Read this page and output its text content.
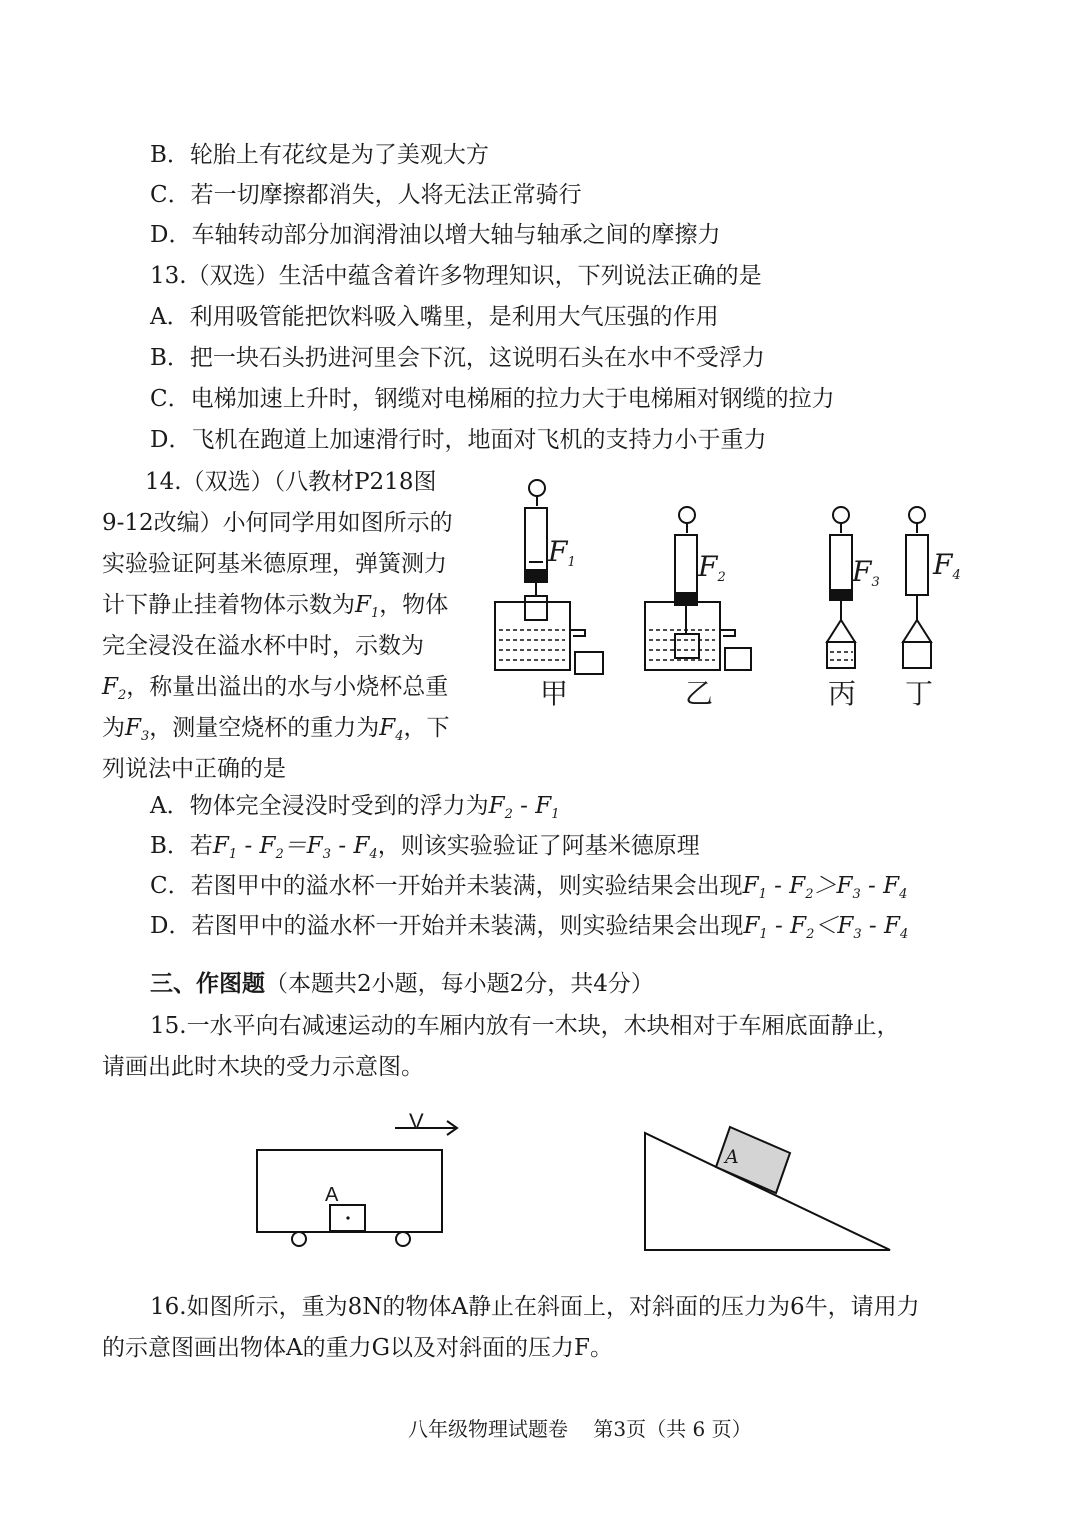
B．轮胎上有花纹是为了美观大方
C．若一切摩擦都消失，人将无法正常骑行
D．车轴转动部分加润滑油以增大轴与轴承之间的摩擦力
13.（双选）生活中蕴含着许多物理知识，下列说法正确的是
A．利用吸管能把饮料吸入嘴里，是利用大气压强的作用
B．把一块石头扔进河里会下沉，这说明石头在水中不受浮力
C．电梯加速上升时，钢缆对电梯厢的拉力大于电梯厢对钢缆的拉力
D．飞机在跑道上加速滑行时，地面对飞机的支持力小于重力
14.（双选）（八教材P218图
9-12改编）小何同学用如图所示的
实验验证阿基米德原理，弹簧测力
计下静止挂着物体示数为$F_1$，物体
完全浸没在溢水杯中时，示数为
$F_2$，称量出溢出的水与小烧杯总重
为$F_3$，测量空烧杯的重力为$F_4$，下
列说法中正确的是
A．物体完全浸没时受到的浮力为$F_2 - F_1$
B．若$F_1 - F_2=F_3 - F_4$，则该实验验证了阿基米德原理
C．若图甲中的溢水杯一开始并未装满，则实验结果会出现$F_1 - F_2>F_3 - F_4$
D．若图甲中的溢水杯一开始并未装满，则实验结果会出现$F_1 - F_2<F_3 - F_4$
$F_1$	$F_2$	$F_3$
$F_4$
甲	乙	丙 丁
三、作图题（本题共2小题，每小题2分，共4分）
15.一水平向右减速运动的车厢内放有一木块，木块相对于车厢底面静止，
请画出此时木块的受力示意图。
V
A
A
16.如图所示，重为8N的物体A静止在斜面上，对斜面的压力为6牛，请用力
的示意图画出物体A的重力G以及对斜面的压力F。
八年级物理试题卷    第3页（共 6 页）
